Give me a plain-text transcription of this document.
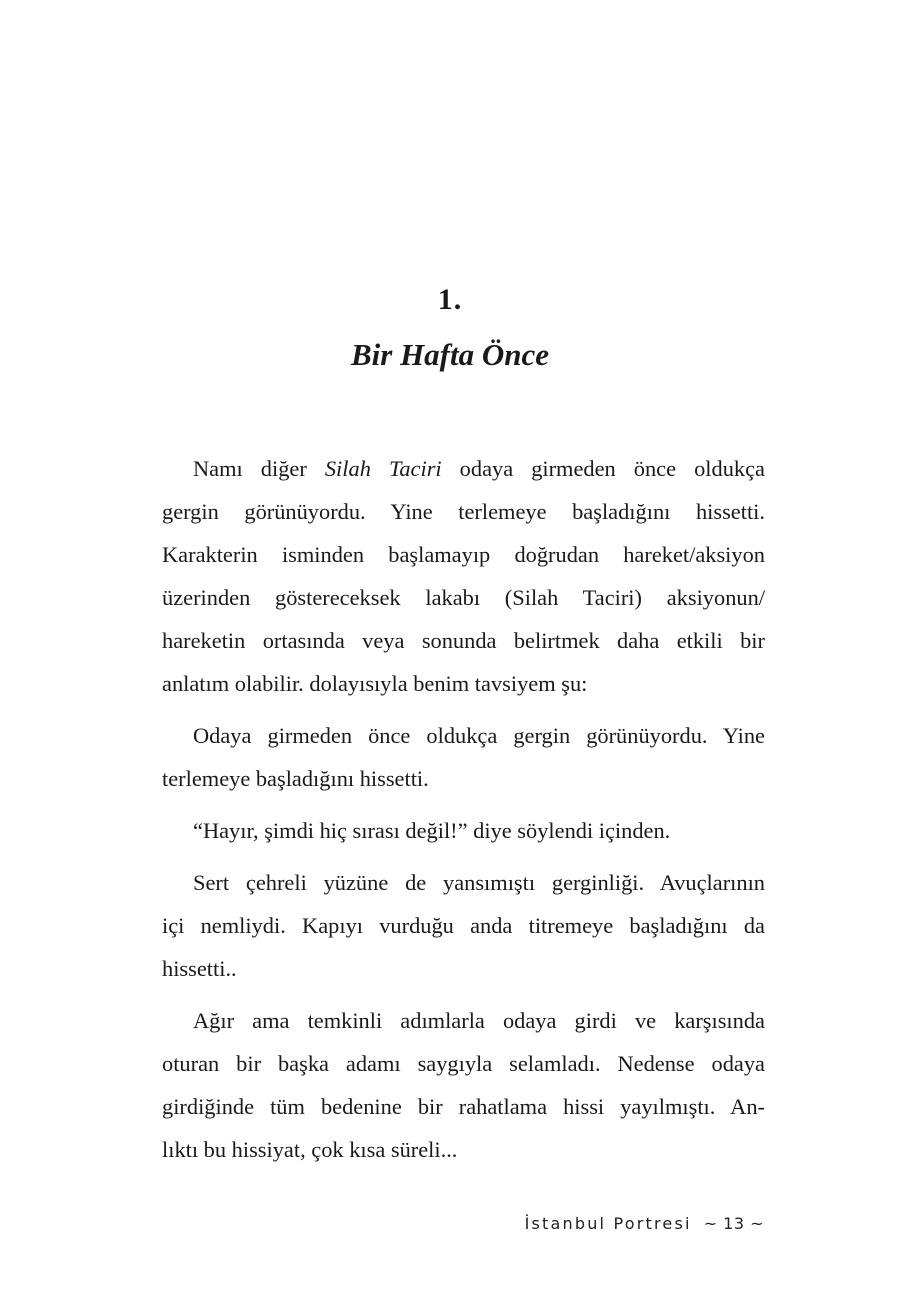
1.
Bir Hafta Önce

Namı diğer Silah Taciri odaya girmeden önce oldukça
gergin görünüyordu. Yine terlemeye başladığını hissetti.
Karakterin isminden başlamayıp doğrudan hareket/aksiyon
üzerinden göstereceksek lakabı (Silah Taciri) aksiyonun/
hareketin ortasında veya sonunda belirtmek daha etkili bir
anlatım olabilir. dolayısıyla benim tavsiyem şu:

Odaya girmeden önce oldukça gergin görünüyordu. Yine
terlemeye başladığını hissetti.

“Hayır, şimdi hiç sırası değil!” diye söylendi içinden.

Sert çehreli yüzüne de yansımıştı gerginliği. Avuçlarının
içi nemliydi. Kapıyı vurduğu anda titremeye başladığını da
hissetti..

Ağır ama temkinli adımlarla odaya girdi ve karşısında
oturan bir başka adamı saygıyla selamladı. Nedense odaya
girdiğinde tüm bedenine bir rahatlama hissi yayılmıştı. An-
lıktı bu hissiyat, çok kısa süreli...

İstanbul Portresi ~ 13 ~
